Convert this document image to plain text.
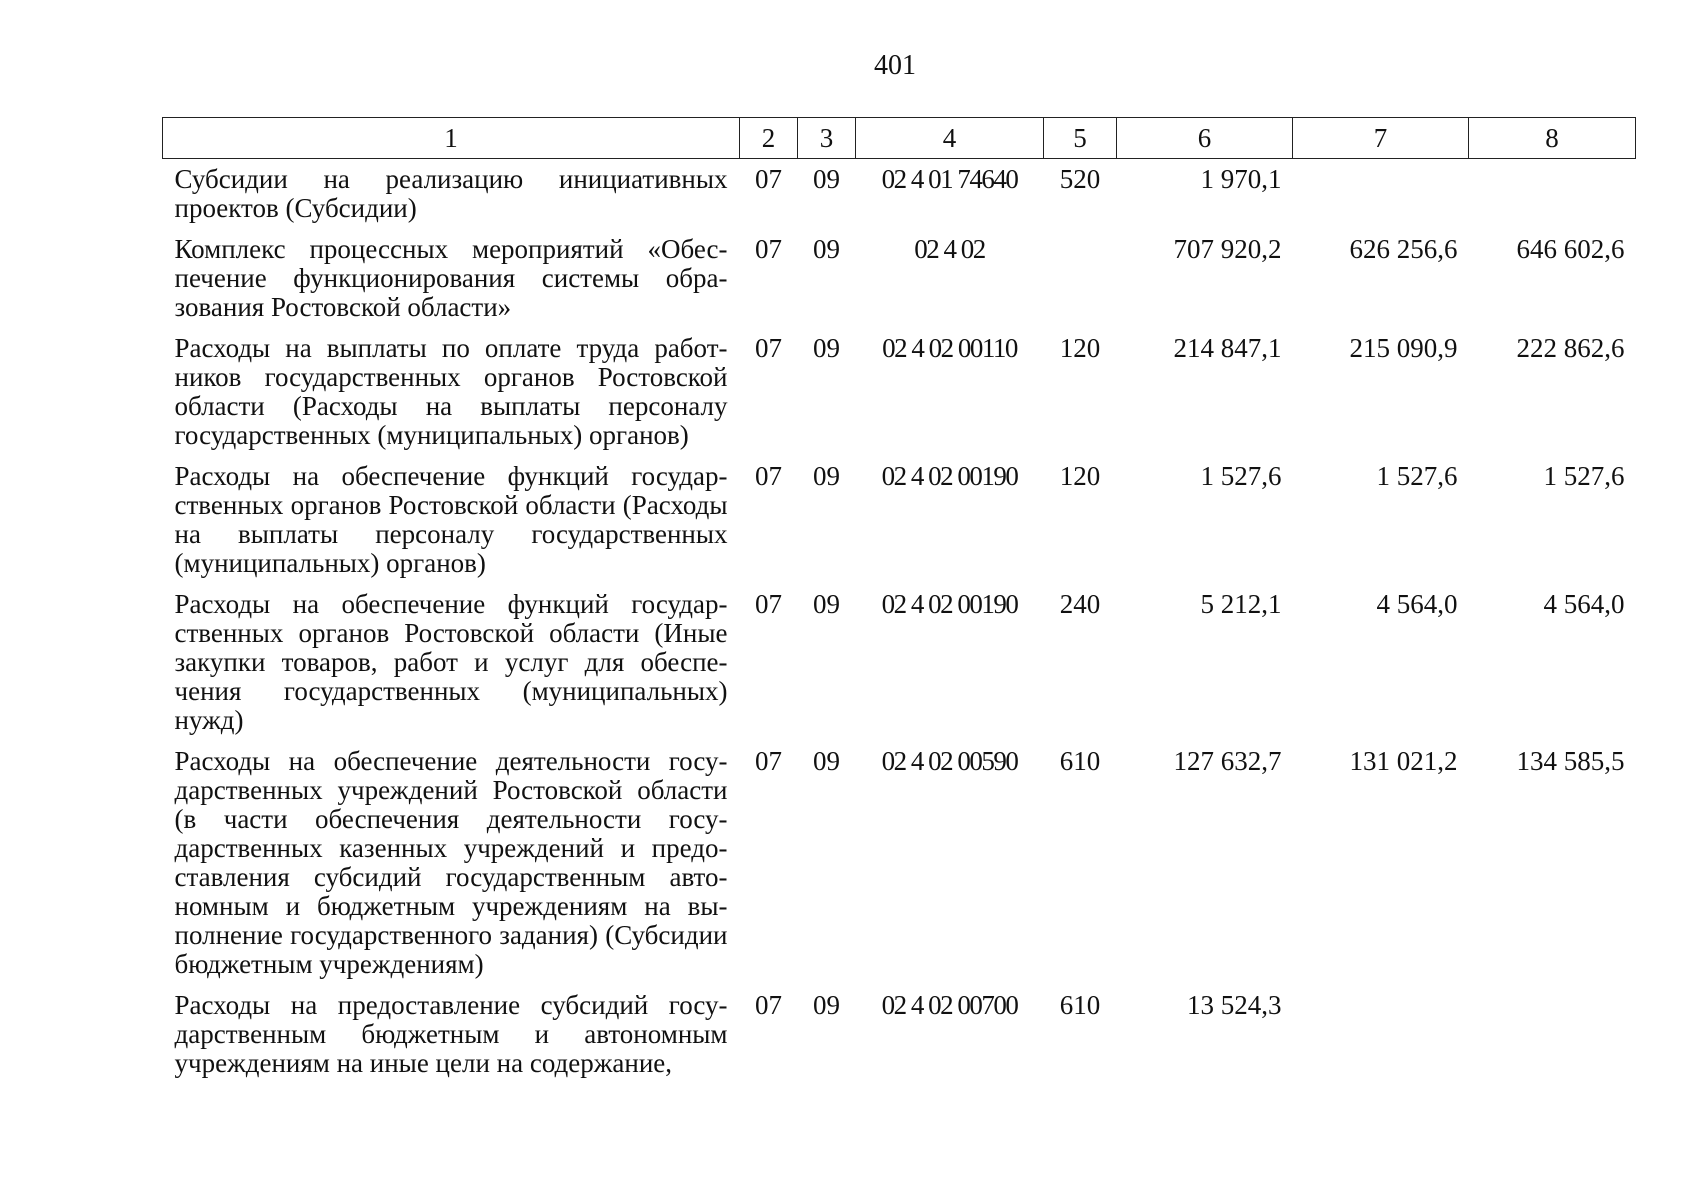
401
1	2	3	4	5	6	7	8
Субсидии на реализацию инициативных проектов (Субсидии)	07	09	02 4 01 74640	520	1 970,1		
Комплекс процессных мероприятий «Обеспечение функционирования системы образования Ростовской области»	07	09	02 4 02		707 920,2	626 256,6	646 602,6
Расходы на выплаты по оплате труда работников государственных органов Ростовской области (Расходы на выплаты персоналу государственных (муниципальных) органов)	07	09	02 4 02 00110	120	214 847,1	215 090,9	222 862,6
Расходы на обеспечение функций государственных органов Ростовской области (Расходы на выплаты персоналу государственных (муниципальных) органов)	07	09	02 4 02 00190	120	1 527,6	1 527,6	1 527,6
Расходы на обеспечение функций государственных органов Ростовской области (Иные закупки товаров, работ и услуг для обеспечения государственных (муниципальных) нужд)	07	09	02 4 02 00190	240	5 212,1	4 564,0	4 564,0
Расходы на обеспечение деятельности государственных учреждений Ростовской области (в части обеспечения деятельности государственных казенных учреждений и предоставления субсидий государственным автономным и бюджетным учреждениям на выполнение государственного задания) (Субсидии бюджетным учреждениям)	07	09	02 4 02 00590	610	127 632,7	131 021,2	134 585,5
Расходы на предоставление субсидий государственным бюджетным и автономным учреждениям на иные цели на содержание,	07	09	02 4 02 00700	610	13 524,3		
